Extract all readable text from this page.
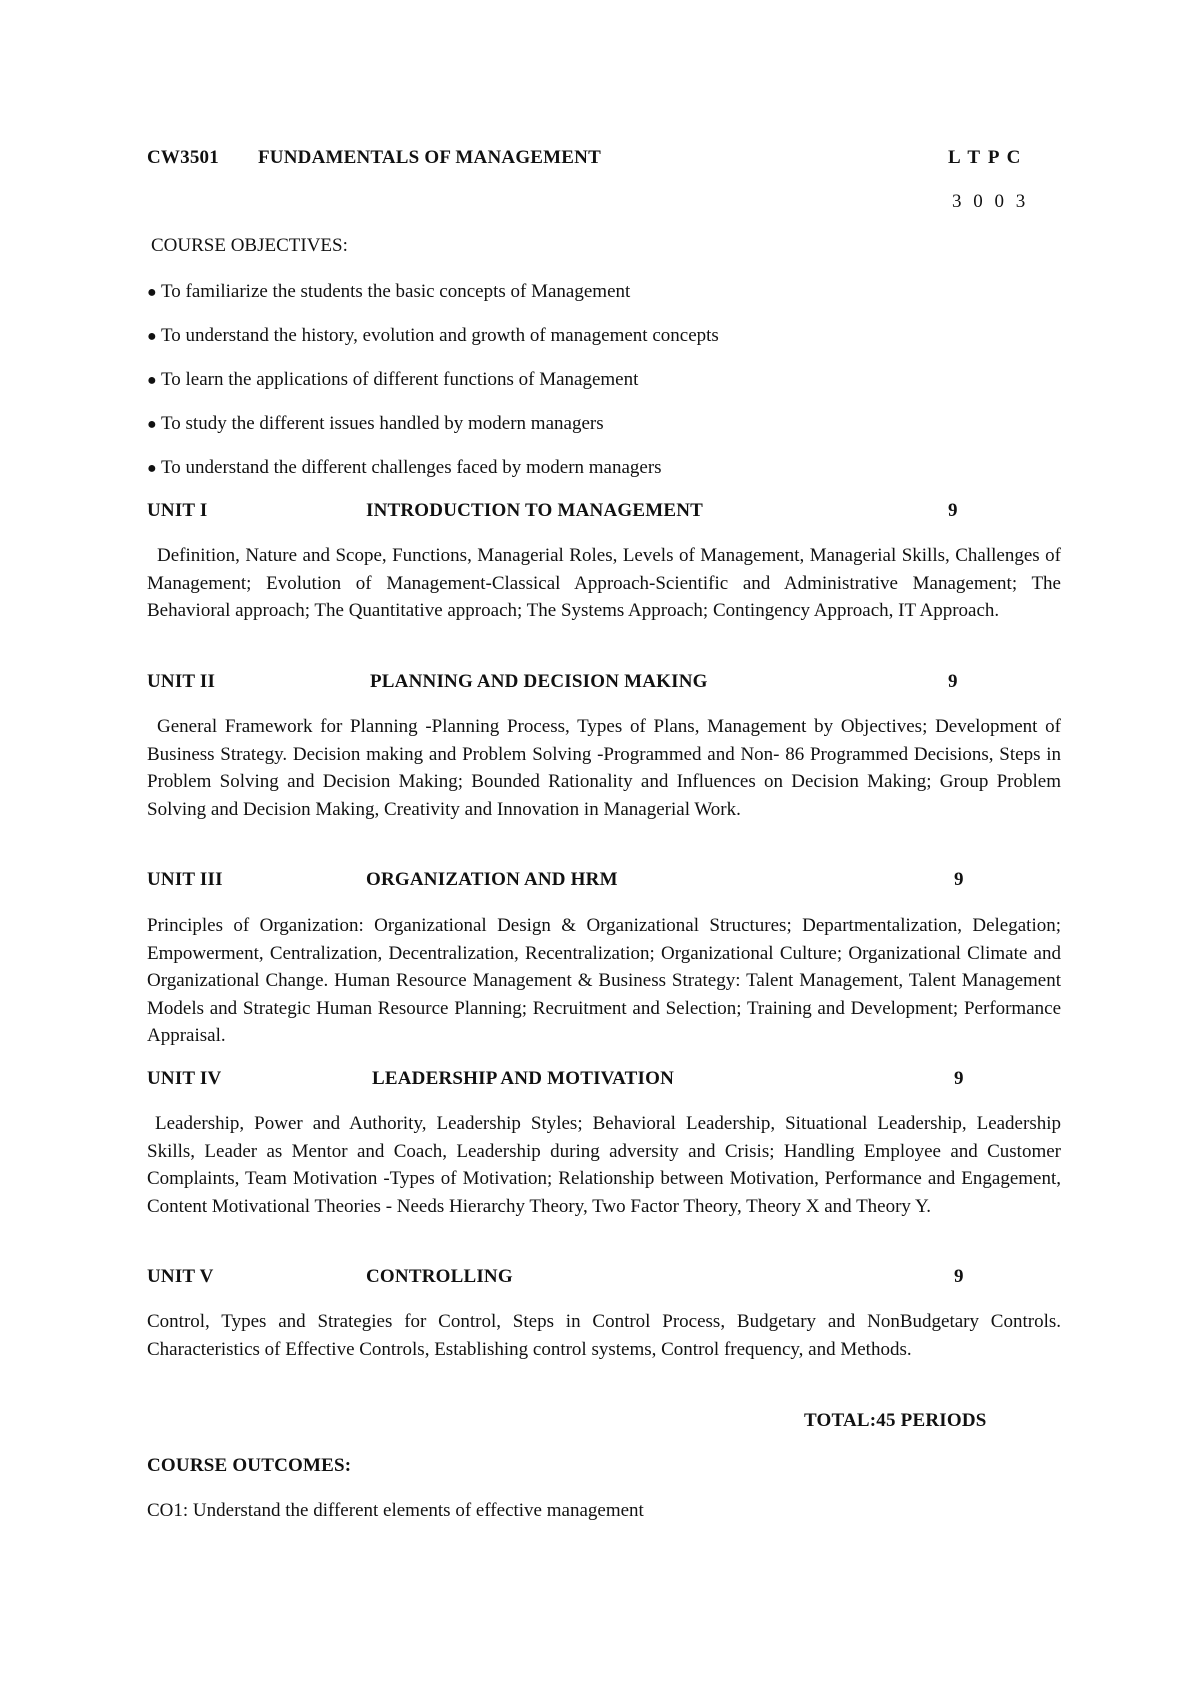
CW3501 FUNDAMENTALS OF MANAGEMENT	L T P C
3 0 0 3
COURSE OBJECTIVES:
● To familiarize the students the basic concepts of Management
● To understand the history, evolution and growth of management concepts
● To learn the applications of different functions of Management
● To study the different issues handled by modern managers
● To understand the different challenges faced by modern managers
UNIT I	INTRODUCTION TO MANAGEMENT	9
Definition, Nature and Scope, Functions, Managerial Roles, Levels of Management, Managerial Skills, Challenges of Management; Evolution of Management-Classical Approach-Scientific and Administrative Management; The Behavioral approach; The Quantitative approach; The Systems Approach; Contingency Approach, IT Approach.
UNIT II	PLANNING AND DECISION MAKING	9
General Framework for Planning -Planning Process, Types of Plans, Management by Objectives; Development of Business Strategy. Decision making and Problem Solving -Programmed and Non- 86 Programmed Decisions, Steps in Problem Solving and Decision Making; Bounded Rationality and Influences on Decision Making; Group Problem Solving and Decision Making, Creativity and Innovation in Managerial Work.
UNIT III	ORGANIZATION AND HRM	9
Principles of Organization: Organizational Design & Organizational Structures; Departmentalization, Delegation; Empowerment, Centralization, Decentralization, Recentralization; Organizational Culture; Organizational Climate and Organizational Change. Human Resource Management & Business Strategy: Talent Management, Talent Management Models and Strategic Human Resource Planning; Recruitment and Selection; Training and Development; Performance Appraisal.
UNIT IV	LEADERSHIP AND MOTIVATION	9
Leadership, Power and Authority, Leadership Styles; Behavioral Leadership, Situational Leadership, Leadership Skills, Leader as Mentor and Coach, Leadership during adversity and Crisis; Handling Employee and Customer Complaints, Team Motivation -Types of Motivation; Relationship between Motivation, Performance and Engagement, Content Motivational Theories - Needs Hierarchy Theory, Two Factor Theory, Theory X and Theory Y.
UNIT V	CONTROLLING	9
Control, Types and Strategies for Control, Steps in Control Process, Budgetary and NonBudgetary Controls. Characteristics of Effective Controls, Establishing control systems, Control frequency, and Methods.
TOTAL:45 PERIODS
COURSE OUTCOMES:
CO1: Understand the different elements of effective management
